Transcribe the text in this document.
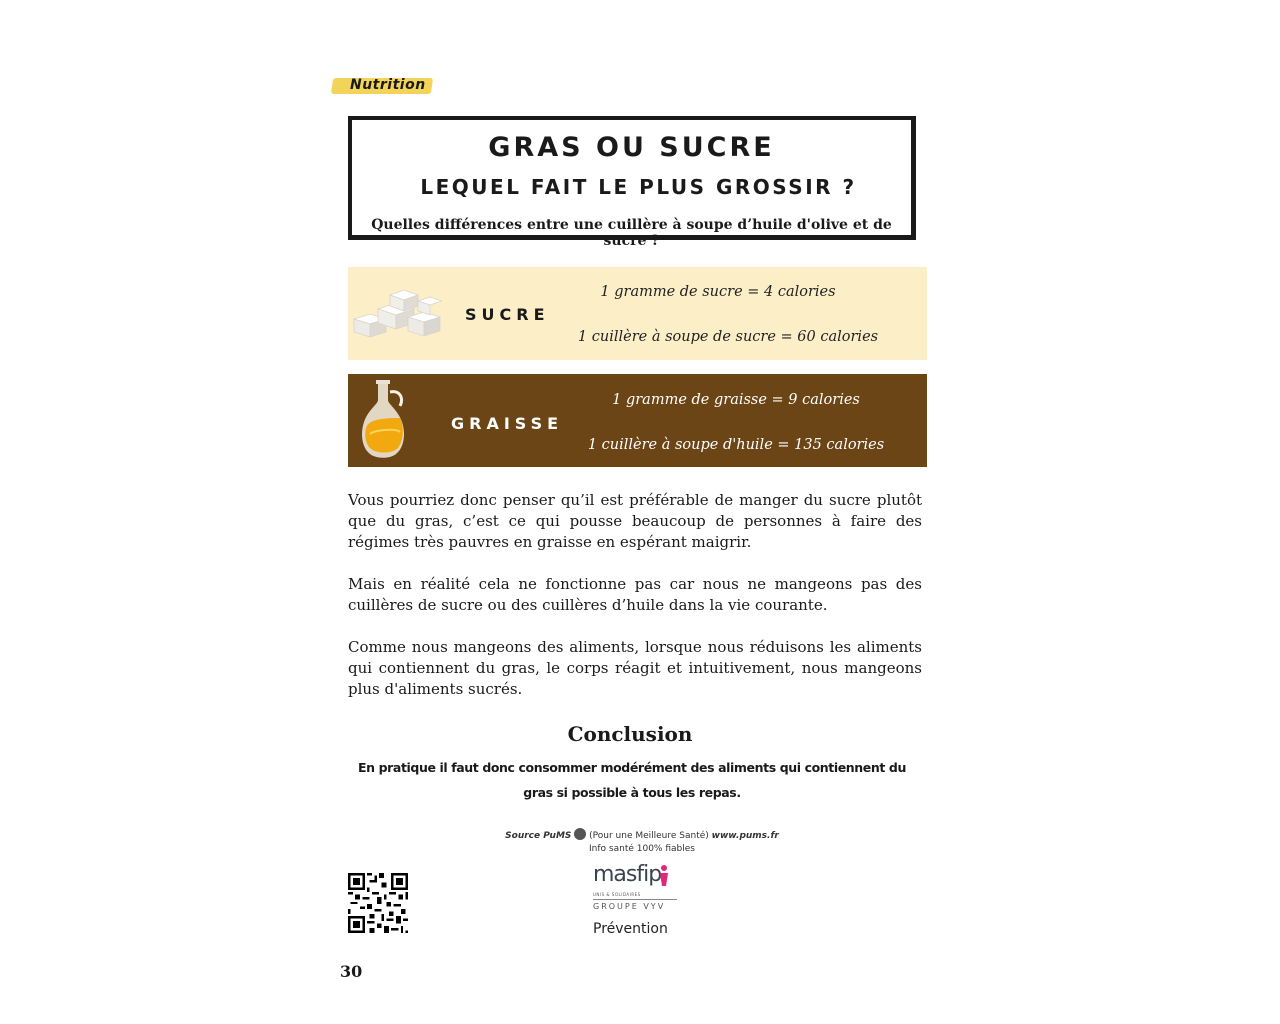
Nutrition
GRAS OU SUCRE
LEQUEL FAIT LE PLUS GROSSIR ?
Quelles différences entre une cuillère à soupe d’huile d'olive et de sucre ?
SUCRE
1 gramme de sucre = 4 calories
1 cuillère à soupe de sucre = 60 calories
GRAISSE
1 gramme de graisse = 9 calories
1 cuillère à soupe d'huile = 135 calories

Vous pourriez donc penser qu’il est préférable de manger du sucre plutôt que du gras, c’est ce qui pousse beaucoup de personnes à faire des régimes très pauvres en graisse en espérant maigrir.

Mais en réalité cela ne fonctionne pas car nous ne mangeons pas des cuillères de sucre ou des cuillères d’huile dans la vie courante.

Comme nous mangeons des aliments, lorsque nous réduisons les aliments qui contiennent du gras, le corps réagit et intuitivement, nous mangeons plus d'aliments sucrés.

Conclusion
En pratique il faut donc consommer modérément des aliments qui contiennent du gras si possible à tous les repas.
Source PuMS (Pour une Meilleure Santé) www.pums.fr
Info santé 100% fiables
masfip
UNIS & SOLIDAIRES
GROUPE VYV
Prévention
30
